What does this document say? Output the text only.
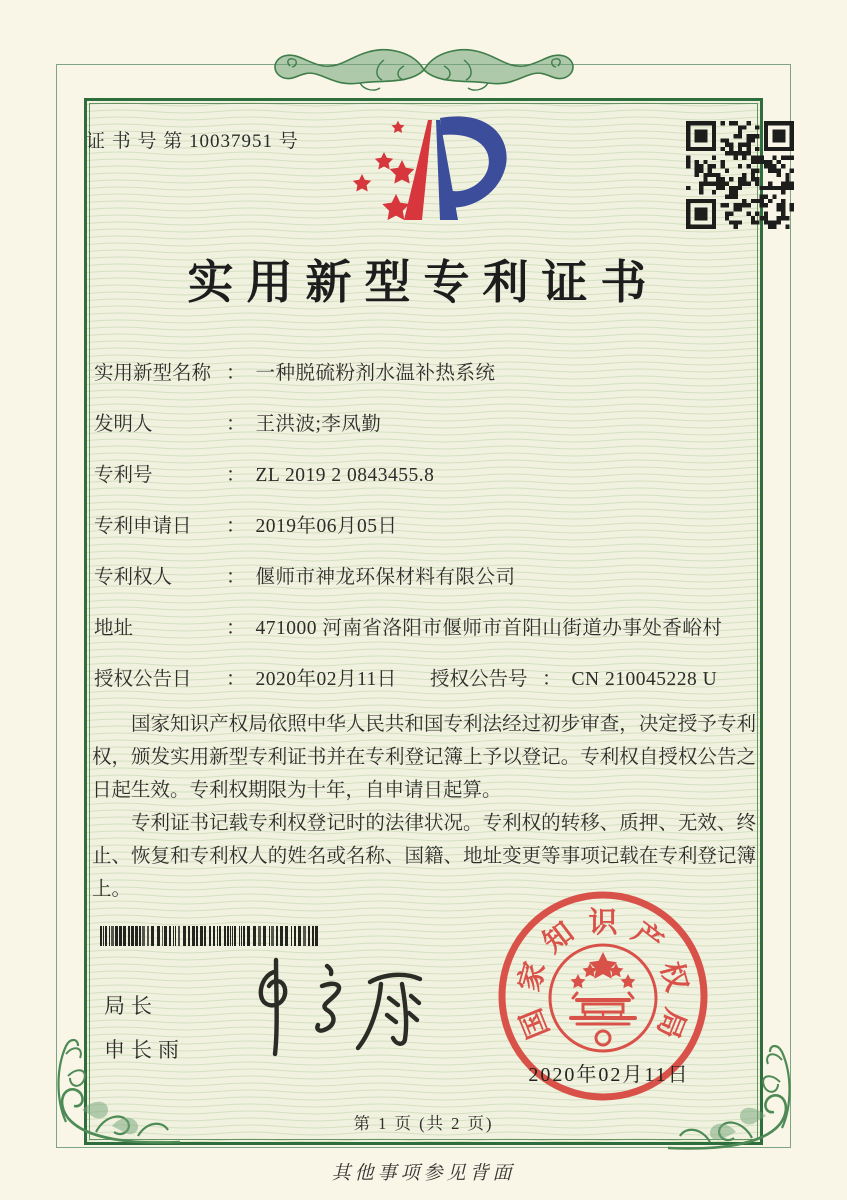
证 书 号 第 10037951 号
实用新型专利证书
实用新型名称 ： 一种脱硫粉剂水温补热系统
发明人	： 王洪波;李凤勤
专利号	： ZL 2019 2 0843455.8
专利申请日 ： 2019年06月05日
专利权人	： 偃师市神龙环保材料有限公司
地址	： 471000 河南省洛阳市偃师市首阳山街道办事处香峪村
授权公告日 ： 2020年02月11日 授权公告号 ： CN 210045228 U

国家知识产权局依照中华人民共和国专利法经过初步审查，决定授予专利权，颁发实用新型专利证书并在专利登记簿上予以登记。专利权自授权公告之日起生效。专利权期限为十年，自申请日起算。

专利证书记载专利权登记时的法律状况。专利权的转移、质押、无效、终止、恢复和专利权人的姓名或名称、国籍、地址变更等事项记载在专利登记簿上。

局长
申长雨
国
家
知 识 产
权
局
2020年02月11日
第 1 页 (共 2 页)
其他事项参见背面
